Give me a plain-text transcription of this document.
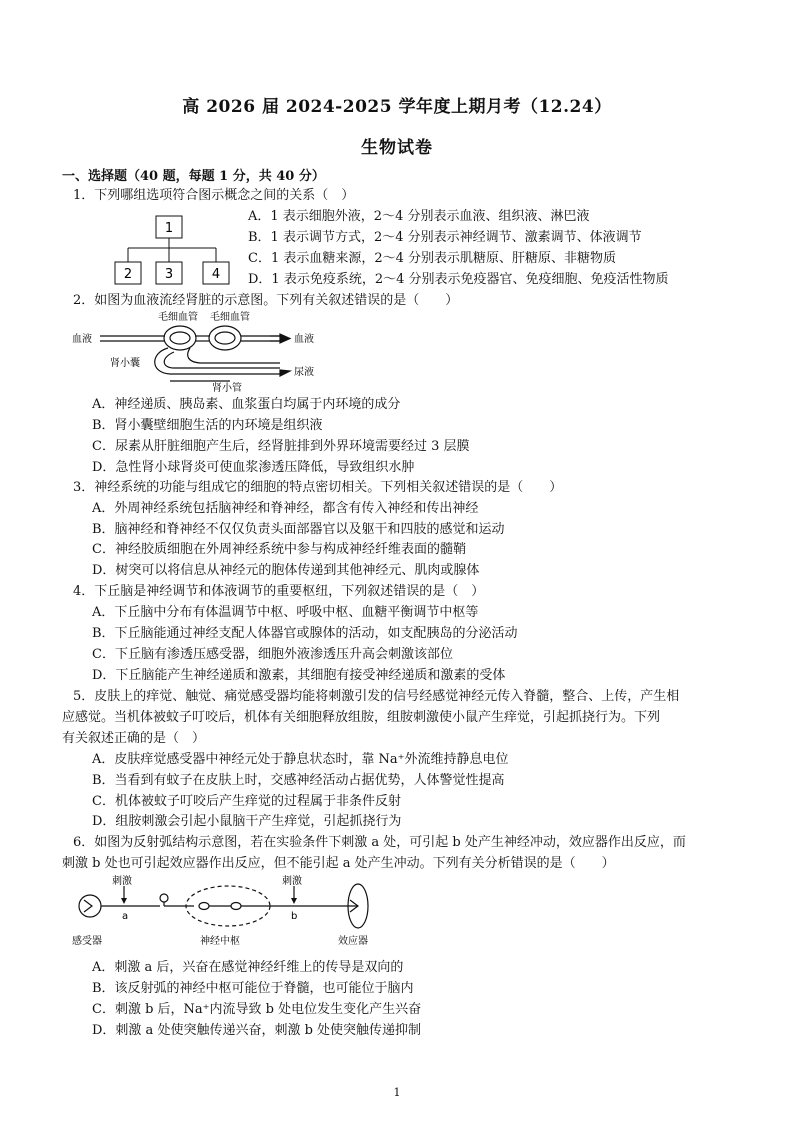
高 2026 届 2024-2025 学年度上期月考（12.24）
生物试卷
一、选择题（40 题，每题 1 分，共 40 分）
1．下列哪组选项符合图示概念之间的关系（　）
1
2	3	4
A．1 表示细胞外液，2～4 分别表示血液、组织液、淋巴液
B．1 表示调节方式，2～4 分别表示神经调节、激素调节、体液调节
C．1 表示血糖来源，2～4 分别表示肌糖原、肝糖原、非糖物质
D．1 表示免疫系统，2～4 分别表示免疫器官、免疫细胞、免疫活性物质
2．如图为血液流经肾脏的示意图。下列有关叙述错误的是（　　）
血液	血液
毛细血管 毛细血管
肾小囊
肾小管
尿液
A．神经递质、胰岛素、血浆蛋白均属于内环境的成分
B．肾小囊壁细胞生活的内环境是组织液
C．尿素从肝脏细胞产生后，经肾脏排到外界环境需要经过 3 层膜
D．急性肾小球肾炎可使血浆渗透压降低，导致组织水肿
3．神经系统的功能与组成它的细胞的特点密切相关。下列相关叙述错误的是（　　）
A．外周神经系统包括脑神经和脊神经，都含有传入神经和传出神经
B．脑神经和脊神经不仅仅负责头面部器官以及躯干和四肢的感觉和运动
C．神经胶质细胞在外周神经系统中参与构成神经纤维表面的髓鞘
D．树突可以将信息从神经元的胞体传递到其他神经元、肌肉或腺体
4．下丘脑是神经调节和体液调节的重要枢纽，下列叙述错误的是（　）
A．下丘脑中分布有体温调节中枢、呼吸中枢、血糖平衡调节中枢等
B．下丘脑能通过神经支配人体器官或腺体的活动，如支配胰岛的分泌活动
C．下丘脑有渗透压感受器，细胞外液渗透压升高会刺激该部位
D．下丘脑能产生神经递质和激素，其细胞有接受神经递质和激素的受体
5．皮肤上的痒觉、触觉、痛觉感受器均能将刺激引发的信号经感觉神经元传入脊髓，整合、上传，产生相
应感觉。当机体被蚊子叮咬后，机体有关细胞释放组胺，组胺刺激使小鼠产生痒觉，引起抓挠行为。下列
有关叙述正确的是（　）
A．皮肤痒觉感受器中神经元处于静息状态时，靠 Na⁺外流维持静息电位
B．当看到有蚊子在皮肤上时，交感神经活动占据优势，人体警觉性提高
C．机体被蚊子叮咬后产生痒觉的过程属于非条件反射
D．组胺刺激会引起小鼠脑干产生痒觉，引起抓挠行为
6．如图为反射弧结构示意图，若在实验条件下刺激 a 处，可引起 b 处产生神经冲动，效应器作出反应，而
刺激 b 处也可引起效应器作出反应，但不能引起 a 处产生冲动。下列有关分析错误的是（　　）
刺激
a
刺激
b
感受器	神经中枢	效应器
A．刺激 a 后，兴奋在感觉神经纤维上的传导是双向的
B．该反射弧的神经中枢可能位于脊髓，也可能位于脑内
C．刺激 b 后，Na⁺内流导致 b 处电位发生变化产生兴奋
D．刺激 a 处使突触传递兴奋，刺激 b 处使突触传递抑制
1
